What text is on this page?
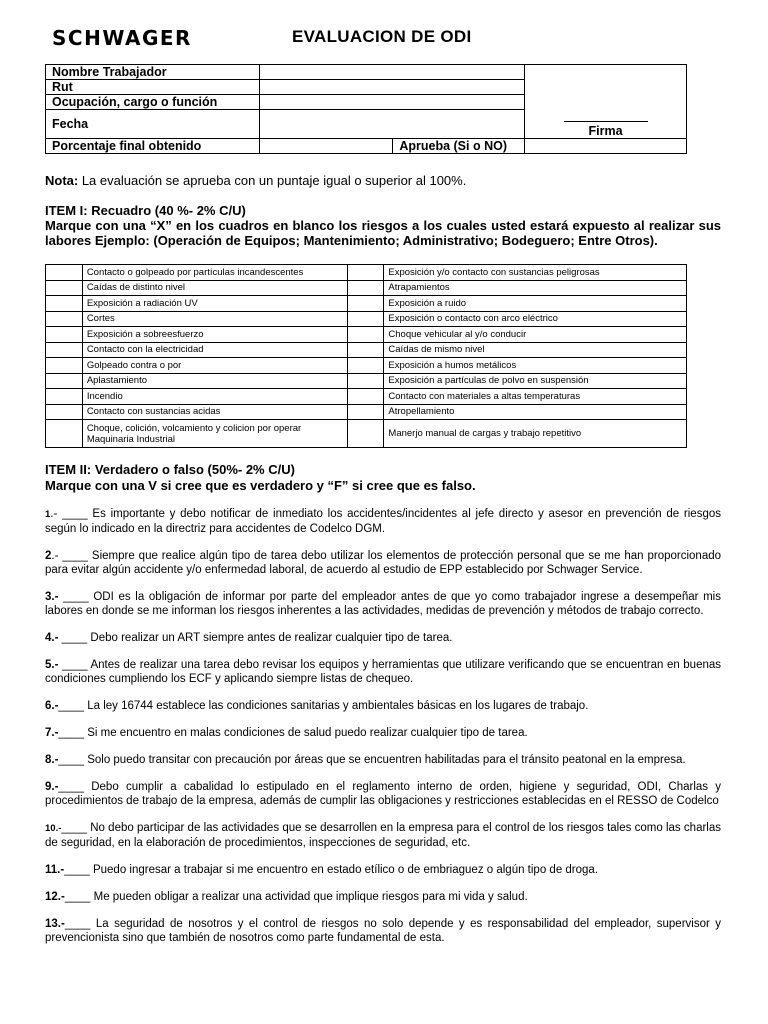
SCHWAGER	EVALUACION DE ODI
Nombre Trabajador			Firma
Rut			
Ocupación, cargo o función			
Fecha			
Porcentaje final obtenido		Aprueba (Si o NO)	
Nota: La evaluación se aprueba con un puntaje igual o superior al 100%.
ITEM I: Recuadro (40 %- 2% C/U)
Marque con una “X” en los cuadros en blanco los riesgos a los cuales usted estará expuesto al realizar sus labores Ejemplo: (Operación de Equipos; Mantenimiento; Administrativo; Bodeguero; Entre Otros).
	Contacto o golpeado por partículas incandescentes		Exposición y/o contacto con sustancias peligrosas
	Caídas de distinto nivel		Atrapamientos
	Exposición a radiación UV		Exposición a ruido
	Cortes		Exposición o contacto con arco eléctrico
	Exposición a sobreesfuerzo		Choque vehicular al y/o conducir
	Contacto con la electricidad		Caídas de mismo nivel
	Golpeado contra o por		Exposición a humos metálicos
	Aplastamiento		Exposición a partículas de polvo en suspensión
	Incendio		Contacto con materiales a altas temperaturas
	Contacto con sustancias acidas		Atropellamiento
	Choque, colición, volcamiento y colicion por operar Maquinaria Industrial		Manerjo manual de cargas y trabajo repetitivo
ITEM II: Verdadero o falso (50%- 2% C/U)
Marque con una V si cree que es verdadero y “F” si cree que es falso.
1.- ____ Es importante y debo notificar de inmediato los accidentes/incidentes al jefe directo y asesor en prevención de riesgos según lo indicado en la directriz para accidentes de Codelco DGM.
2.- ____ Siempre que realice algún tipo de tarea debo utilizar los elementos de protección personal que se me han proporcionado para evitar algún accidente y/o enfermedad laboral, de acuerdo al estudio de EPP establecido por Schwager Service.
3.- ____ ODI es la obligación de informar por parte del empleador antes de que yo como trabajador ingrese a desempeñar mis labores en donde se me informan los riesgos inherentes a las actividades, medidas de prevención y métodos de trabajo correcto.
4.- ____ Debo realizar un ART siempre antes de realizar cualquier tipo de tarea.
5.- ____ Antes de realizar una tarea debo revisar los equipos y herramientas que utilizare verificando que se encuentran en buenas condiciones cumpliendo los ECF y aplicando siempre listas de chequeo.
6.-____ La ley 16744 establece las condiciones sanitarias y ambientales básicas en los lugares de trabajo.
7.-____ Si me encuentro en malas condiciones de salud puedo realizar cualquier tipo de tarea.
8.-____ Solo puedo transitar con precaución por áreas que se encuentren habilitadas para el tránsito peatonal en la empresa.
9.-____ Debo cumplir a cabalidad lo estipulado en el reglamento interno de orden, higiene y seguridad, ODI, Charlas y procedimientos de trabajo de la empresa, además de cumplir las obligaciones y restricciones establecidas en el RESSO de Codelco
10.-____ No debo participar de las actividades que se desarrollen en la empresa para el control de los riesgos tales como las charlas de seguridad, en la elaboración de procedimientos, inspecciones de seguridad, etc.
11.-____ Puedo ingresar a trabajar si me encuentro en estado etílico o de embriaguez o algún tipo de droga.
12.-____ Me pueden obligar a realizar una actividad que implique riesgos para mi vida y salud.
13.-____ La seguridad de nosotros y el control de riesgos no solo depende y es responsabilidad del empleador, supervisor y prevencionista sino que también de nosotros como parte fundamental de esta.
